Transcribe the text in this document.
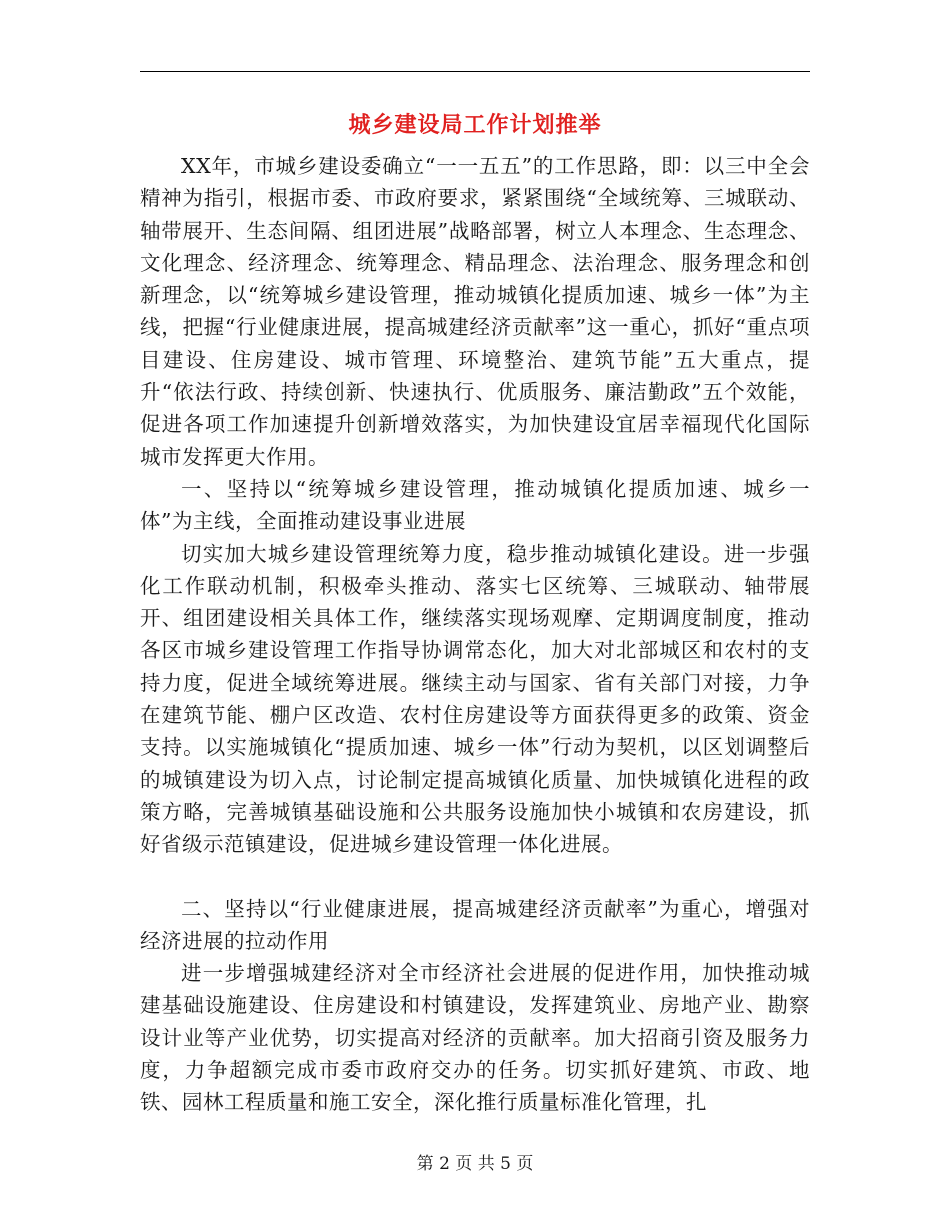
城乡建设局工作计划推举

XX年，市城乡建设委确立“一一五五”的工作思路，即：以三中全会精神为指引，根据市委、市政府要求，紧紧围绕“全域统筹、三城联动、轴带展开、生态间隔、组团进展”战略部署，树立人本理念、生态理念、文化理念、经济理念、统筹理念、精品理念、法治理念、服务理念和创新理念，以“统筹城乡建设管理，推动城镇化提质加速、城乡一体”为主线，把握“行业健康进展，提高城建经济贡献率”这一重心，抓好“重点项目建设、住房建设、城市管理、环境整治、建筑节能”五大重点，提升“依法行政、持续创新、快速执行、优质服务、廉洁勤政”五个效能，促进各项工作加速提升创新增效落实，为加快建设宜居幸福现代化国际城市发挥更大作用。

一、坚持以“统筹城乡建设管理，推动城镇化提质加速、城乡一体”为主线，全面推动建设事业进展

切实加大城乡建设管理统筹力度，稳步推动城镇化建设。进一步强化工作联动机制，积极牵头推动、落实七区统筹、三城联动、轴带展开、组团建设相关具体工作，继续落实现场观摩、定期调度制度，推动各区市城乡建设管理工作指导协调常态化，加大对北部城区和农村的支持力度，促进全域统筹进展。继续主动与国家、省有关部门对接，力争在建筑节能、棚户区改造、农村住房建设等方面获得更多的政策、资金支持。以实施城镇化“提质加速、城乡一体”行动为契机，以区划调整后的城镇建设为切入点，讨论制定提高城镇化质量、加快城镇化进程的政策方略，完善城镇基础设施和公共服务设施加快小城镇和农房建设，抓好省级示范镇建设，促进城乡建设管理一体化进展。

二、坚持以“行业健康进展，提高城建经济贡献率”为重心，增强对经济进展的拉动作用

进一步增强城建经济对全市经济社会进展的促进作用，加快推动城建基础设施建设、住房建设和村镇建设，发挥建筑业、房地产业、勘察设计业等产业优势，切实提高对经济的贡献率。加大招商引资及服务力度，力争超额完成市委市政府交办的任务。切实抓好建筑、市政、地铁、园林工程质量和施工安全，深化推行质量标准化管理，扎

第 2 页 共 5 页
